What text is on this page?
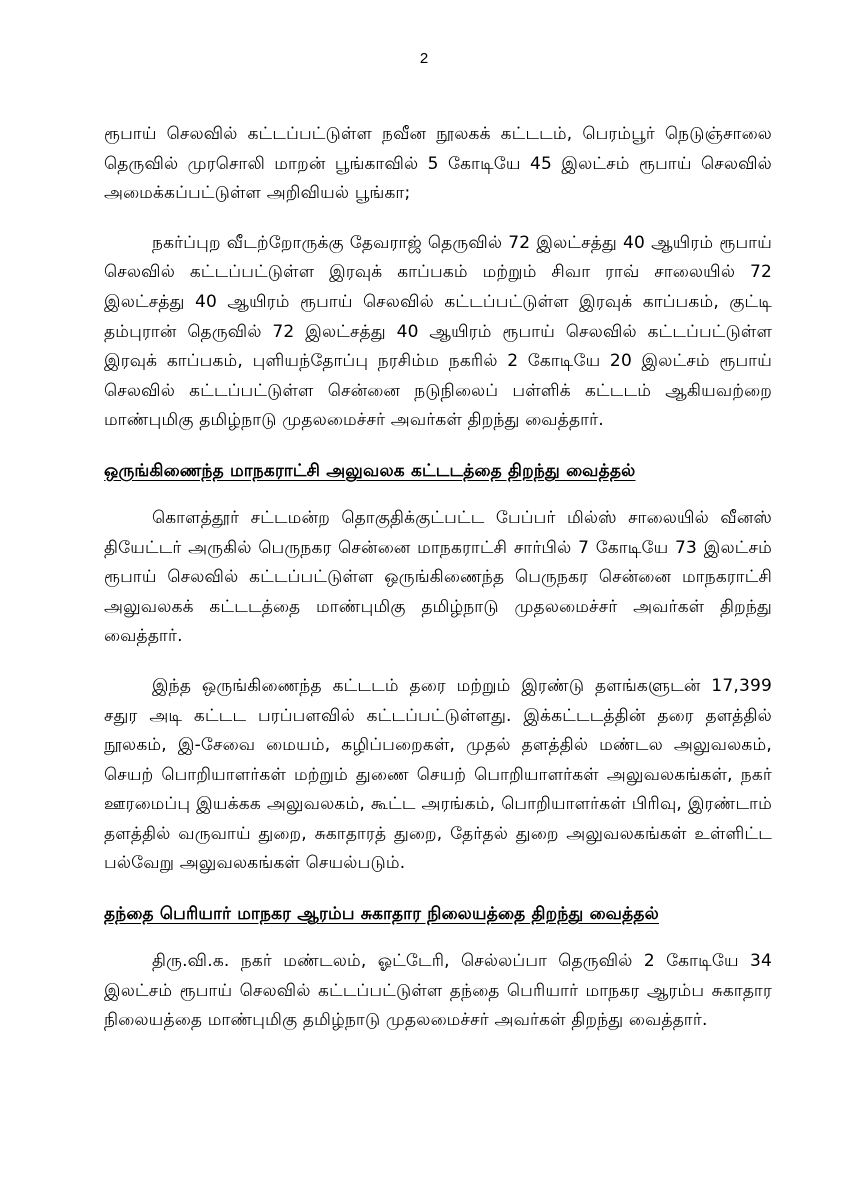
2

ரூபாய் செலவில் கட்டப்பட்டுள்ள நவீன நூலகக் கட்டடம், பெரம்பூர் நெடுஞ்சாலை தெருவில் முரசொலி மாறன் பூங்காவில் 5 கோடியே 45 இலட்சம் ரூபாய் செலவில் அமைக்கப்பட்டுள்ள அறிவியல் பூங்கா;

நகர்ப்புற வீடற்றோருக்கு தேவராஜ் தெருவில் 72 இலட்சத்து 40 ஆயிரம் ரூபாய் செலவில் கட்டப்பட்டுள்ள இரவுக் காப்பகம் மற்றும் சிவா ராவ் சாலையில் 72 இலட்சத்து 40 ஆயிரம் ரூபாய் செலவில் கட்டப்பட்டுள்ள இரவுக் காப்பகம், குட்டி தம்புரான் தெருவில் 72 இலட்சத்து 40 ஆயிரம் ரூபாய் செலவில் கட்டப்பட்டுள்ள இரவுக் காப்பகம், புளியந்தோப்பு நரசிம்ம நகரில் 2 கோடியே 20 இலட்சம் ரூபாய் செலவில் கட்டப்பட்டுள்ள சென்னை நடுநிலைப் பள்ளிக் கட்டடம் ஆகியவற்றை மாண்புமிகு தமிழ்நாடு முதலமைச்சர் அவர்கள் திறந்து வைத்தார்.

ஒருங்கிணைந்த மாநகராட்சி அலுவலக கட்டடத்தை திறந்து வைத்தல்

கொளத்தூர் சட்டமன்ற தொகுதிக்குட்பட்ட பேப்பர் மில்ஸ் சாலையில் வீனஸ் தியேட்டர் அருகில் பெருநகர சென்னை மாநகராட்சி சார்பில் 7 கோடியே 73 இலட்சம் ரூபாய் செலவில் கட்டப்பட்டுள்ள ஒருங்கிணைந்த பெருநகர சென்னை மாநகராட்சி அலுவலகக் கட்டடத்தை மாண்புமிகு தமிழ்நாடு முதலமைச்சர் அவர்கள் திறந்து வைத்தார்.

இந்த ஒருங்கிணைந்த கட்டடம் தரை மற்றும் இரண்டு தளங்களுடன் 17,399 சதுர அடி கட்டட பரப்பளவில் கட்டப்பட்டுள்ளது. இக்கட்டடத்தின் தரை தளத்தில் நூலகம், இ-சேவை மையம், கழிப்பறைகள், முதல் தளத்தில் மண்டல அலுவலகம், செயற் பொறியாளர்கள் மற்றும் துணை செயற் பொறியாளர்கள் அலுவலகங்கள், நகர் ஊரமைப்பு இயக்கக அலுவலகம், கூட்ட அரங்கம், பொறியாளர்கள் பிரிவு, இரண்டாம் தளத்தில் வருவாய் துறை, சுகாதாரத் துறை, தேர்தல் துறை அலுவலகங்கள் உள்ளிட்ட பல்வேறு அலுவலகங்கள் செயல்படும்.

தந்தை பெரியார் மாநகர ஆரம்ப சுகாதார நிலையத்தை திறந்து வைத்தல்

திரு.வி.க. நகர் மண்டலம், ஓட்டேரி, செல்லப்பா தெருவில் 2 கோடியே 34 இலட்சம் ரூபாய் செலவில் கட்டப்பட்டுள்ள தந்தை பெரியார் மாநகர ஆரம்ப சுகாதார நிலையத்தை மாண்புமிகு தமிழ்நாடு முதலமைச்சர் அவர்கள் திறந்து வைத்தார்.
